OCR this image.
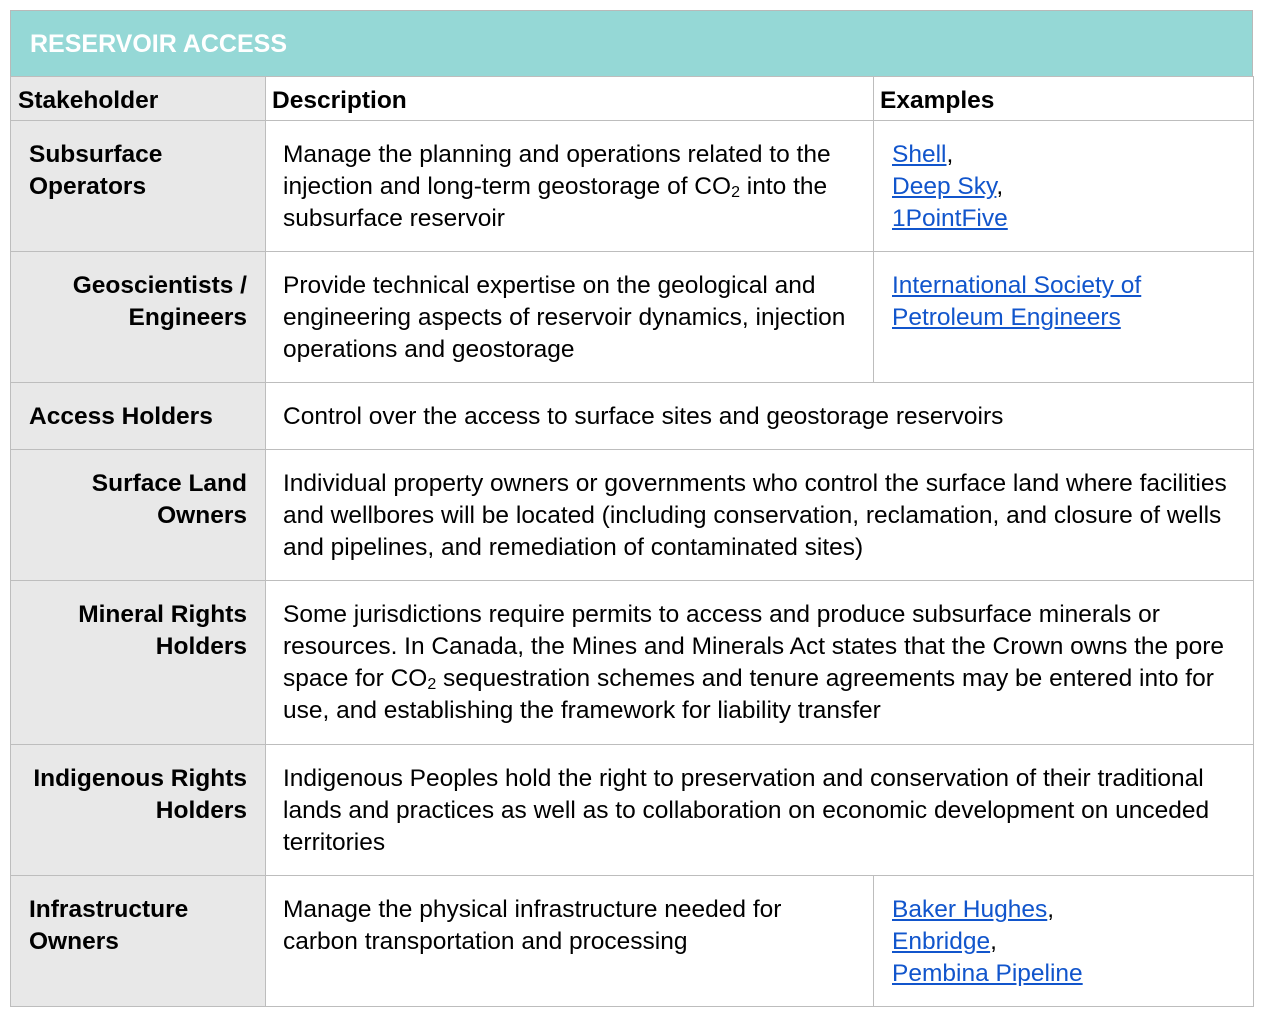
RESERVOIR ACCESS
Stakeholder	Description	Examples
Subsurface Operators	Manage the planning and operations related to the injection and long-term geostorage of $CO_2$ into the subsurface reservoir	Shell,
Deep Sky,
1PointFive
Geoscientists / Engineers	Provide technical expertise on the geological and engineering aspects of reservoir dynamics, injection operations and geostorage	International Society of Petroleum Engineers
Access Holders	Control over the access to surface sites and geostorage reservoirs	
Surface Land Owners	Individual property owners or governments who control the surface land where facilities and wellbores will be located (including conservation, reclamation, and closure of wells and pipelines, and remediation of contaminated sites)	
Mineral Rights Holders	Some jurisdictions require permits to access and produce subsurface minerals or resources. In Canada, the Mines and Minerals Act states that the Crown owns the pore space for $CO_2$ sequestration schemes and tenure agreements may be entered into for use, and establishing the framework for liability transfer	
Indigenous Rights Holders	Indigenous Peoples hold the right to preservation and conservation of their traditional lands and practices as well as to collaboration on economic development on unceded territories	
Infrastructure Owners	Manage the physical infrastructure needed for carbon transportation and processing	Baker Hughes,
Enbridge,
Pembina Pipeline
